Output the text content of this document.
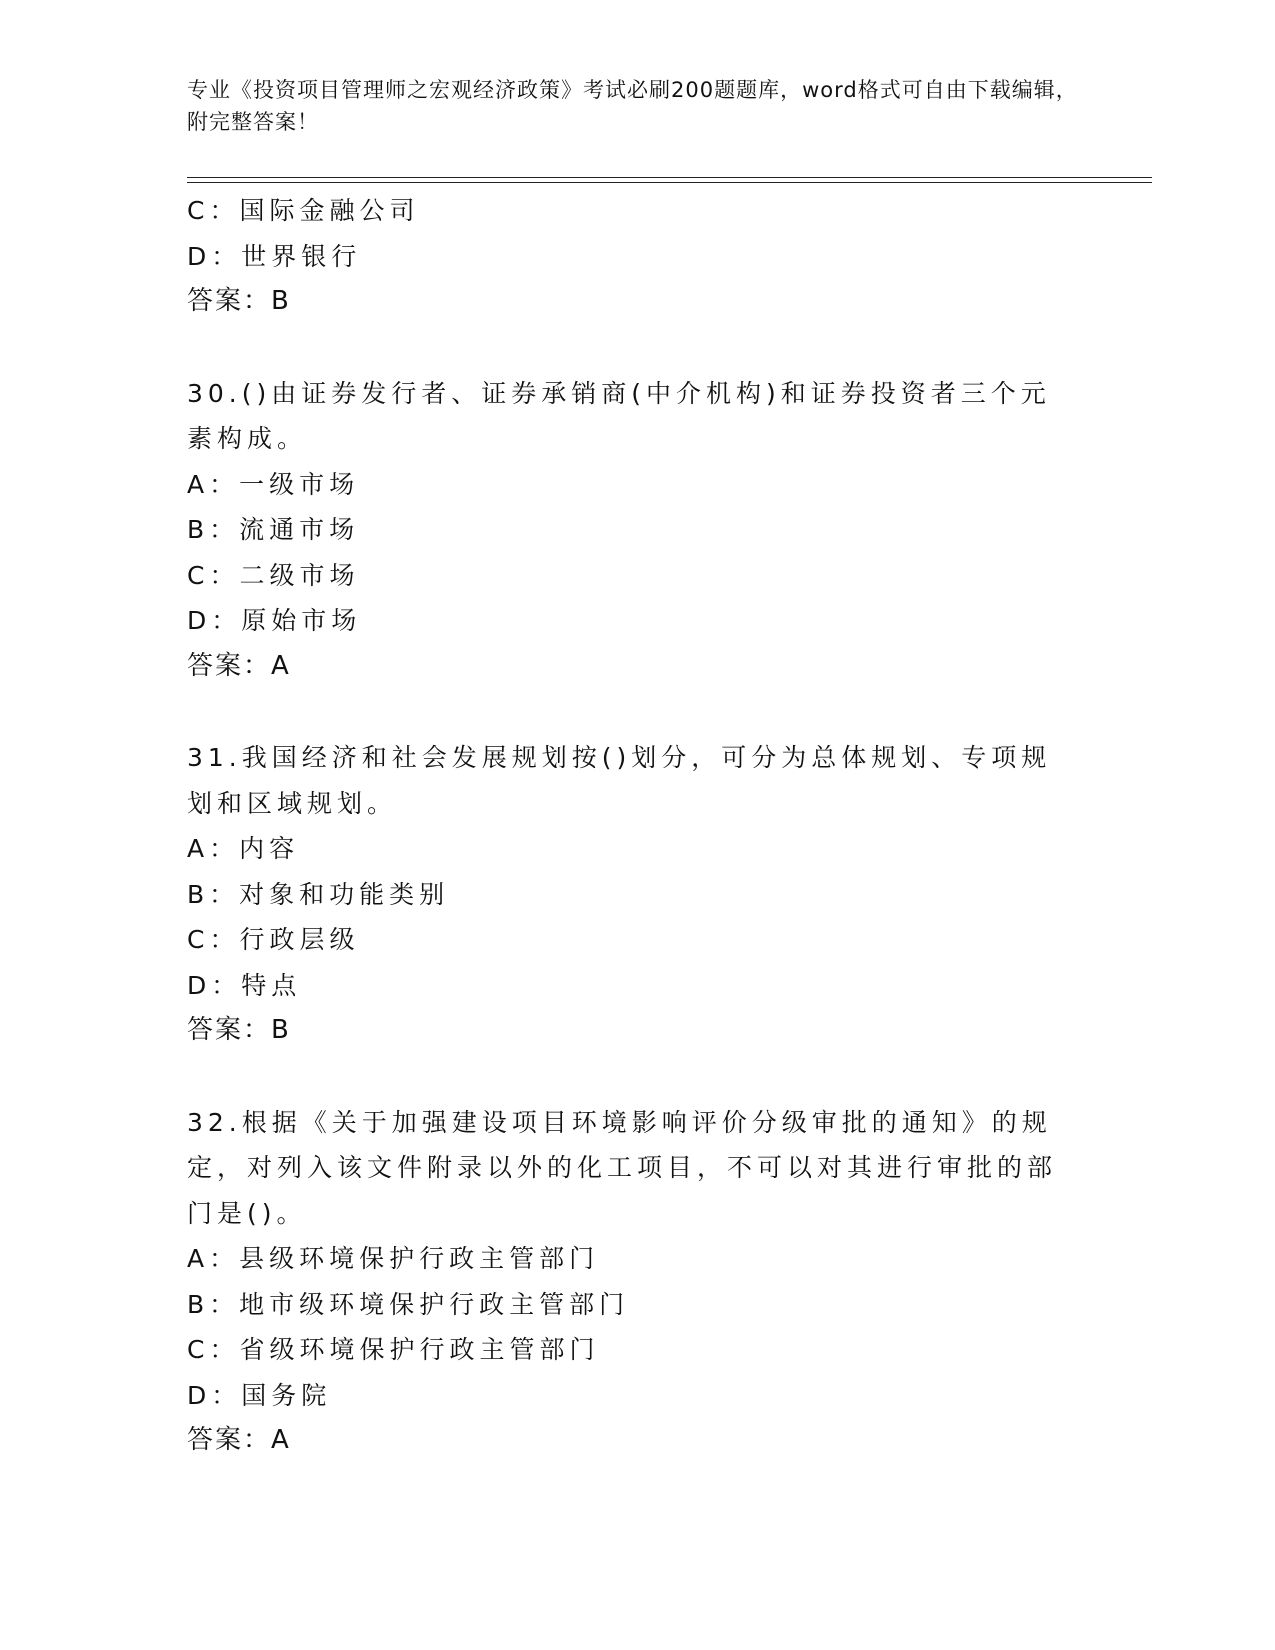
专业《投资项目管理师之宏观经济政策》考试必刷200题题库，word格式可自由下载编辑，附完整答案！
C：国际金融公司
D：世界银行
答案：B
30.()由证券发行者、证券承销商(中介机构)和证券投资者三个元素构成。
A：一级市场
B：流通市场
C：二级市场
D：原始市场
答案：A
31.我国经济和社会发展规划按()划分，可分为总体规划、专项规划和区域规划。
A：内容
B：对象和功能类别
C：行政层级
D：特点
答案：B
32.根据《关于加强建设项目环境影响评价分级审批的通知》的规定，对列入该文件附录以外的化工项目，不可以对其进行审批的部门是()。
A：县级环境保护行政主管部门
B：地市级环境保护行政主管部门
C：省级环境保护行政主管部门
D：国务院
答案：A
